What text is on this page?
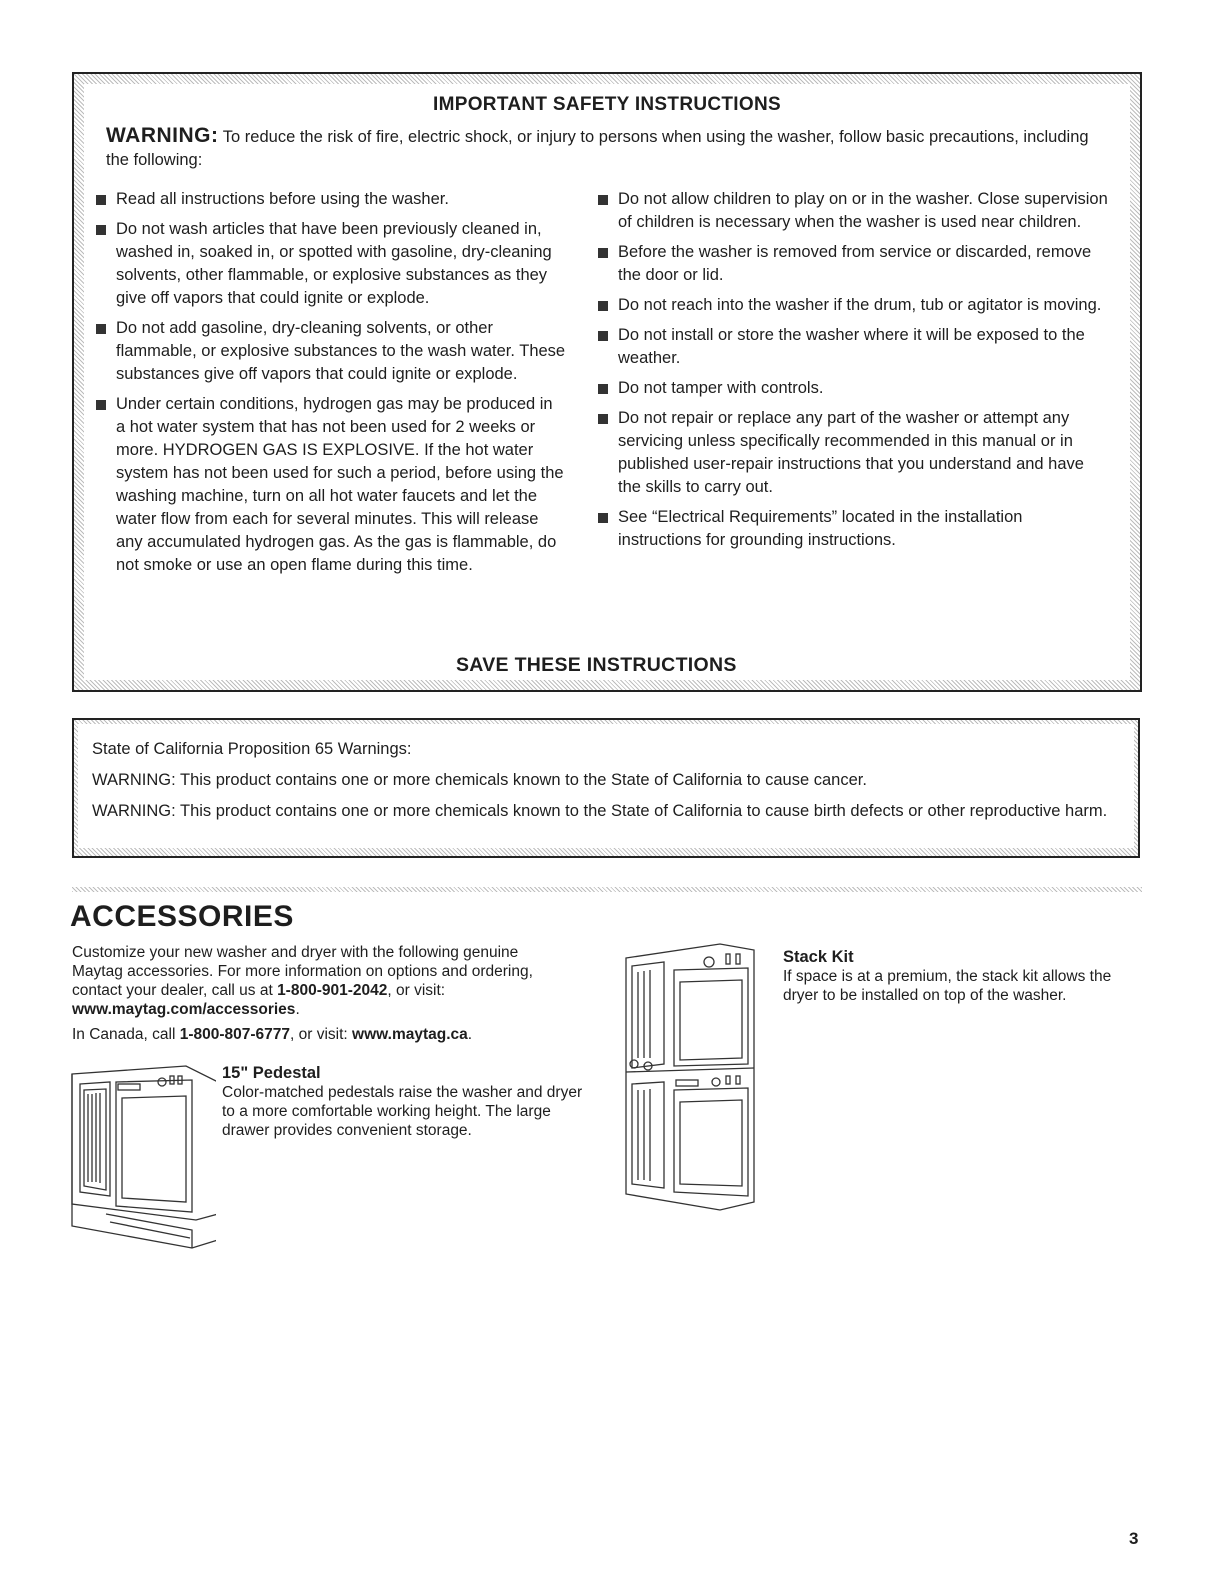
IMPORTANT SAFETY INSTRUCTIONS
WARNING: To reduce the risk of fire, electric shock, or injury to persons when using the washer, follow basic precautions, including the following:
Read all instructions before using the washer.
Do not wash articles that have been previously cleaned in, washed in, soaked in, or spotted with gasoline, dry-cleaning solvents, other flammable, or explosive substances as they give off vapors that could ignite or explode.
Do not add gasoline, dry-cleaning solvents, or other flammable, or explosive substances to the wash water. These substances give off vapors that could ignite or explode.
Under certain conditions, hydrogen gas may be produced in a hot water system that has not been used for 2 weeks or more. HYDROGEN GAS IS EXPLOSIVE. If the hot water system has not been used for such a period, before using the washing machine, turn on all hot water faucets and let the water flow from each for several minutes. This will release any accumulated hydrogen gas. As the gas is flammable, do not smoke or use an open flame during this time.
Do not allow children to play on or in the washer. Close supervision of children is necessary when the washer is used near children.
Before the washer is removed from service or discarded, remove the door or lid.
Do not reach into the washer if the drum, tub or agitator is moving.
Do not install or store the washer where it will be exposed to the weather.
Do not tamper with controls.
Do not repair or replace any part of the washer or attempt any servicing unless specifically recommended in this manual or in published user-repair instructions that you understand and have the skills to carry out.
See “Electrical Requirements” located in the installation instructions for grounding instructions.
SAVE THESE INSTRUCTIONS

State of California Proposition 65 Warnings:

WARNING: This product contains one or more chemicals known to the State of California to cause cancer.

WARNING: This product contains one or more chemicals known to the State of California to cause birth defects or other reproductive harm.

ACCESSORIES

Customize your new washer and dryer with the following genuine Maytag accessories. For more information on options and ordering, contact your dealer, call us at 1-800-901-2042, or visit: www.maytag.com/accessories.

In Canada, call 1-800-807-6777, or visit: www.maytag.ca.

15" Pedestal
Color-matched pedestals raise the washer and dryer to a more comfortable working height. The large drawer provides convenient storage.
Stack Kit
If space is at a premium, the stack kit allows the dryer to be installed on top of the washer.
3
